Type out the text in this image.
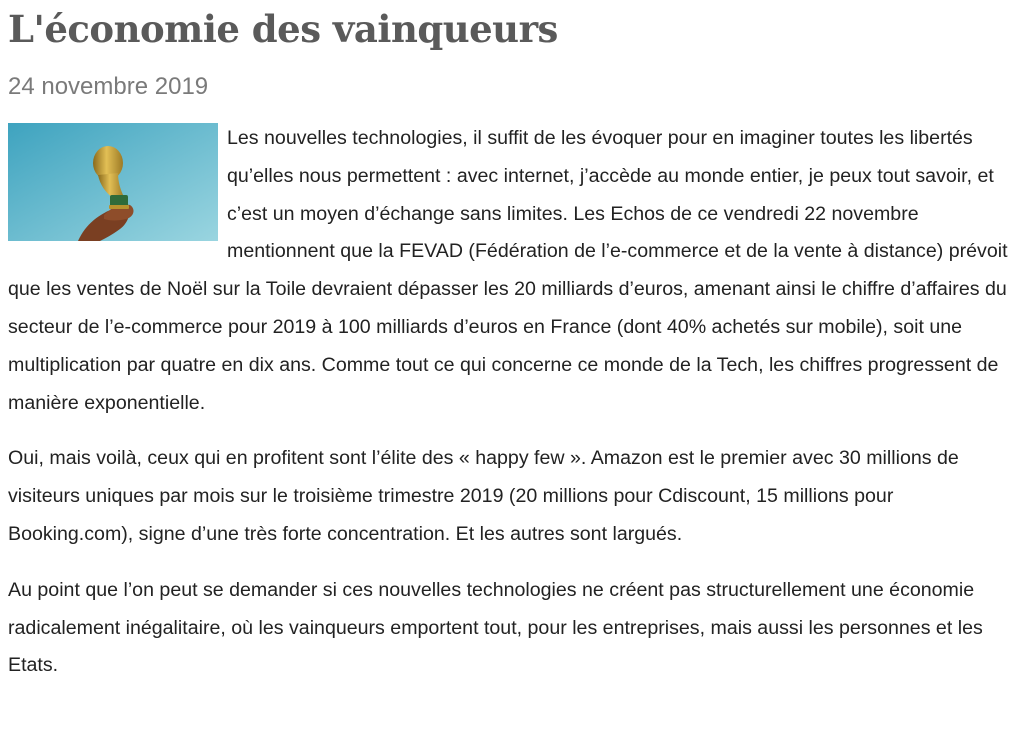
L'économie des vainqueurs
24 novembre 2019

Les nouvelles technologies, il suffit de les évoquer pour en imaginer toutes les libertés qu’elles nous permettent : avec internet, j’accède au monde entier, je peux tout savoir, et c’est un moyen d’échange sans limites. Les Echos de ce vendredi 22 novembre mentionnent que la FEVAD (Fédération de l’e-commerce et de la vente à distance) prévoit que les ventes de Noël sur la Toile devraient dépasser les 20 milliards d’euros, amenant ainsi le chiffre d’affaires du secteur de l’e-commerce pour 2019 à 100 milliards d’euros en France (dont 40% achetés sur mobile), soit une multiplication par quatre en dix ans. Comme tout ce qui concerne ce monde de la Tech, les chiffres progressent de manière exponentielle.

Oui, mais voilà, ceux qui en profitent sont l’élite des « happy few ». Amazon est le premier avec 30 millions de visiteurs uniques par mois sur le troisième trimestre 2019 (20 millions pour Cdiscount, 15 millions pour Booking.com), signe d’une très forte concentration. Et les autres sont largués.

Au point que l’on peut se demander si ces nouvelles technologies ne créent pas structurellement une économie radicalement inégalitaire, où les vainqueurs emportent tout, pour les entreprises, mais aussi les personnes et les Etats.
